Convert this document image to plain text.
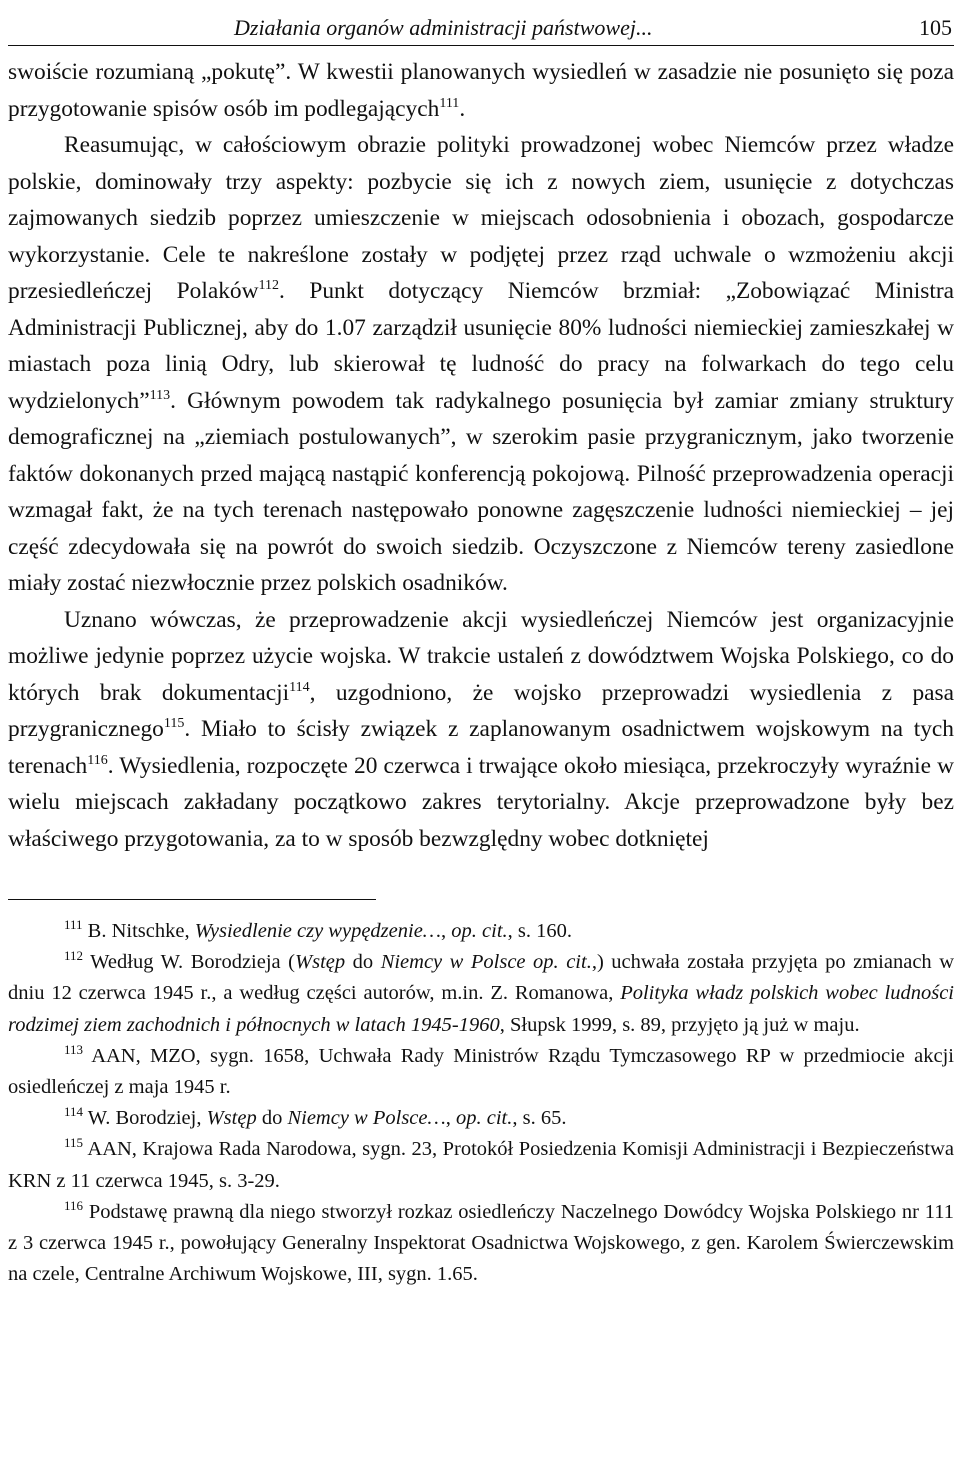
Działania organów administracji państwowej...	105

swoiście rozumianą „pokutę”. W kwestii planowanych wysiedleń w zasadzie nie posunięto się poza przygotowanie spisów osób im podlegających$^{111}$.

Reasumując, w całościowym obrazie polityki prowadzonej wobec Niemców przez władze polskie, dominowały trzy aspekty: pozbycie się ich z nowych ziem, usunięcie z dotychczas zajmowanych siedzib poprzez umieszczenie w miejscach odosobnienia i obozach, gospodarcze wykorzystanie. Cele te nakreślone zostały w podjętej przez rząd uchwale o wzmożeniu akcji przesiedleńczej Polaków$^{112}$. Punkt dotyczący Niemców brzmiał: „Zobowiązać Ministra Administracji Publicznej, aby do 1.07 zarządził usunięcie 80% ludności niemieckiej zamieszkałej w miastach poza linią Odry, lub skierował tę ludność do pracy na folwarkach do tego celu wydzielonych”$^{113}$. Głównym powodem tak radykalnego posunięcia był zamiar zmiany struktury demograficznej na „ziemiach postulowanych”, w szerokim pasie przygranicznym, jako tworzenie faktów dokonanych przed mającą nastąpić konferencją pokojową. Pilność przeprowadzenia operacji wzmagał fakt, że na tych terenach następowało ponowne zagęszczenie ludności niemieckiej – jej część zdecydowała się na powrót do swoich siedzib. Oczyszczone z Niemców tereny zasiedlone miały zostać niezwłocznie przez polskich osadników.

Uznano wówczas, że przeprowadzenie akcji wysiedleńczej Niemców jest organizacyjnie możliwe jedynie poprzez użycie wojska. W trakcie ustaleń z dowództwem Wojska Polskiego, co do których brak dokumentacji$^{114}$, uzgodniono, że wojsko przeprowadzi wysiedlenia z pasa przygranicznego$^{115}$. Miało to ścisły związek z zaplanowanym osadnictwem wojskowym na tych terenach$^{116}$. Wysiedlenia, rozpoczęte 20 czerwca i trwające około miesiąca, przekroczyły wyraźnie w wielu miejscach zakładany początkowo zakres terytorialny. Akcje przeprowadzone były bez właściwego przygotowania, za to w sposób bezwzględny wobec dotkniętej

$^{111}$ B. Nitschke, Wysiedlenie czy wypędzenie…, op. cit., s. 160.

$^{112}$ Według W. Borodzieja (Wstęp do Niemcy w Polsce op. cit.,) uchwała została przyjęta po zmianach w dniu 12 czerwca 1945 r., a według części autorów, m.in. Z. Romanowa, Polityka władz polskich wobec ludności rodzimej ziem zachodnich i północnych w latach 1945-1960, Słupsk 1999, s. 89, przyjęto ją już w maju.

$^{113}$ AAN, MZO, sygn. 1658, Uchwała Rady Ministrów Rządu Tymczasowego RP w przedmiocie akcji osiedleńczej z maja 1945 r.

$^{114}$ W. Borodziej, Wstęp do Niemcy w Polsce…, op. cit., s. 65.

$^{115}$ AAN, Krajowa Rada Narodowa, sygn. 23, Protokół Posiedzenia Komisji Administracji i Bezpieczeństwa KRN z 11 czerwca 1945, s. 3-29.

$^{116}$ Podstawę prawną dla niego stworzył rozkaz osiedleńczy Naczelnego Dowódcy Wojska Polskiego nr 111 z 3 czerwca 1945 r., powołujący Generalny Inspektorat Osadnictwa Wojskowego, z gen. Karolem Świerczewskim na czele, Centralne Archiwum Wojskowe, III, sygn. 1.65.
